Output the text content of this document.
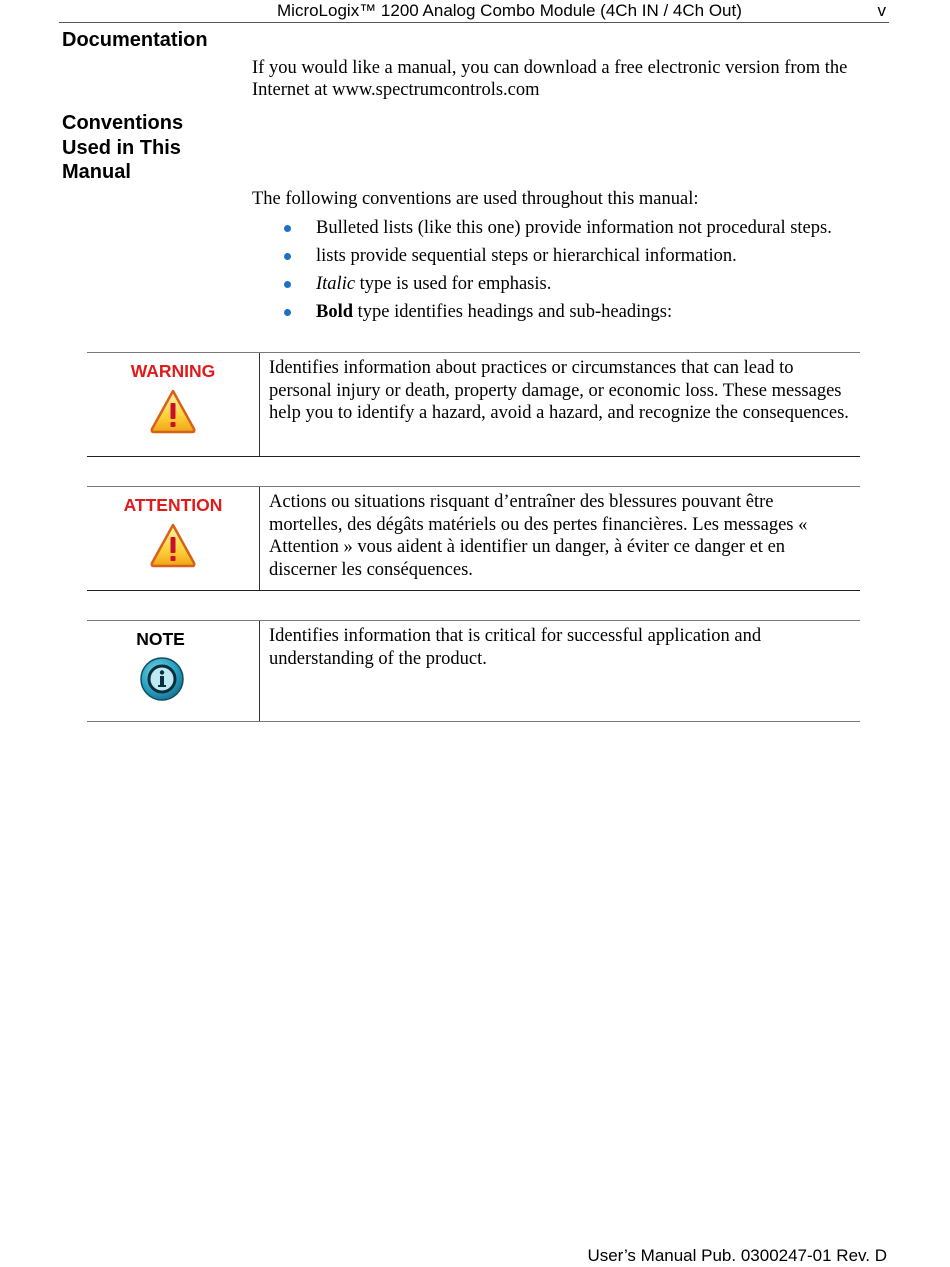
MicroLogix™ 1200 Analog Combo Module (4Ch IN / 4Ch Out)	v
Documentation
If you would like a manual, you can download a free electronic version from the
Internet at www.spectrumcontrols.com
Conventions
Used in This
Manual
The following conventions are used throughout this manual:
Bulleted lists (like this one) provide information not procedural steps.
lists provide sequential steps or hierarchical information.
Italic type is used for emphasis.
Bold type identifies headings and sub-headings:
WARNING	Identifies information about practices or circumstances that can lead to personal injury or death, property damage, or economic loss. These messages help you to identify a hazard, avoid a hazard, and recognize the consequences.
ATTENTION	Actions ou situations risquant d’entraîner des blessures pouvant être mortelles, des dégâts matériels ou des pertes financières. Les messages « Attention » vous aident à identifier un danger, à éviter ce danger et en discerner les conséquences.
NOTE	Identifies information that is critical for successful application and understanding of the product.
User’s Manual Pub. 0300247-01 Rev. D
